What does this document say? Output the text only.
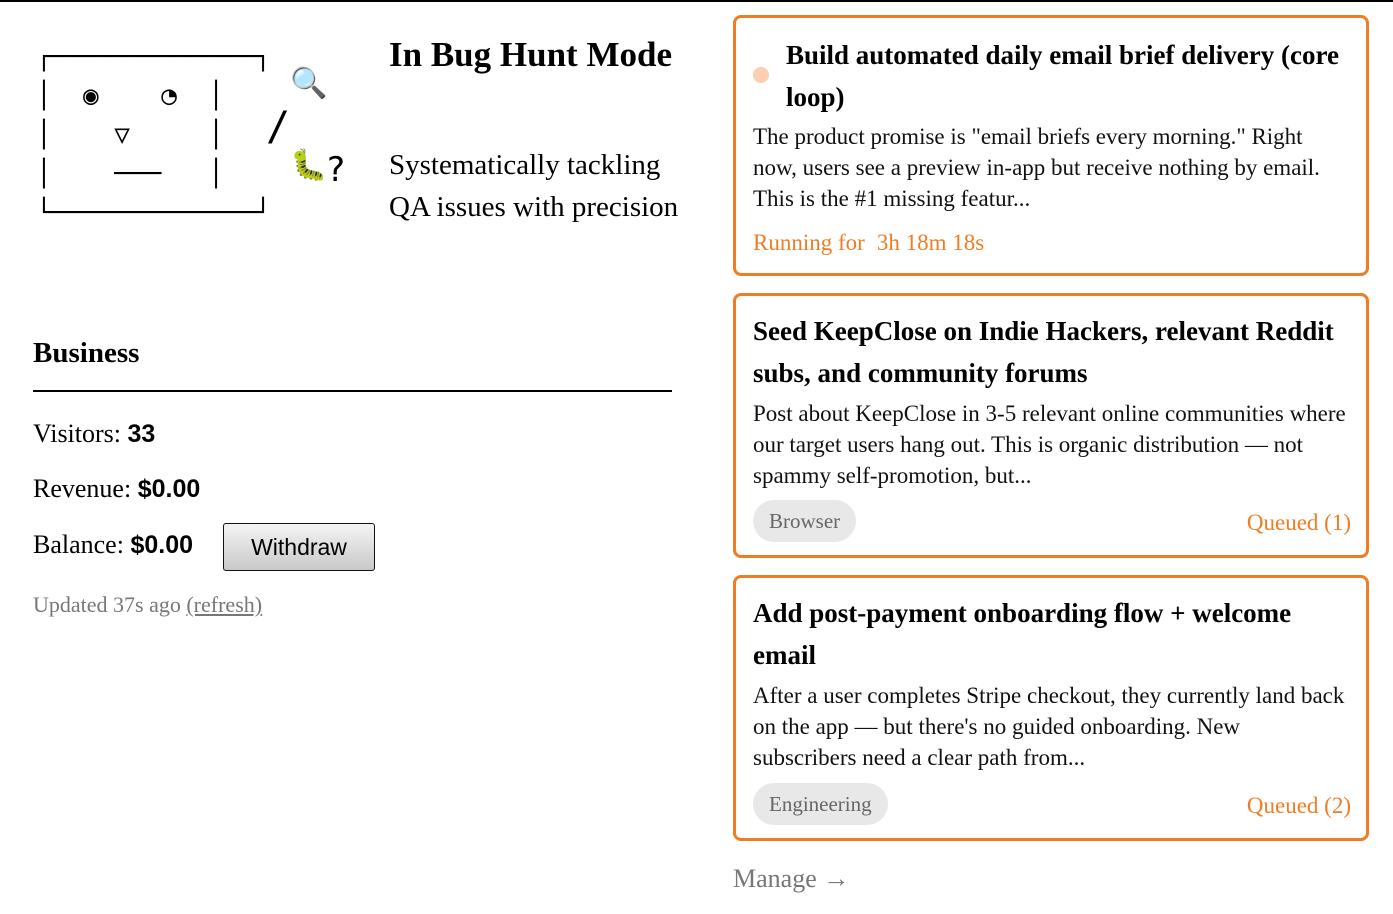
┌─────────────┐
│  ◉    ◔  │
│    ▽     │
│    ───   │
└─────────────┘
🔍
/
🐛 ?
In Bug Hunt Mode

Systematically tackling QA issues with precision

Business
Visitors: 33
Revenue: $0.00
Balance: $0.00	Withdraw
Updated 37s ago (refresh)
Build automated daily email brief delivery (core loop)

The product promise is "email briefs every morning." Right now, users see a preview in-app but receive nothing by email. This is the #1 missing featur...

Running for 3h 18m 18s
Seed KeepClose on Indie Hackers, relevant Reddit subs, and community forums

Post about KeepClose in 3-5 relevant online communities where our target users hang out. This is organic distribution — not spammy self-promotion, but...

Browser	Queued (1)
Add post-payment onboarding flow + welcome email

After a user completes Stripe checkout, they currently land back on the app — but there's no guided onboarding. New subscribers need a clear path from...

Engineering	Queued (2)
Manage →
